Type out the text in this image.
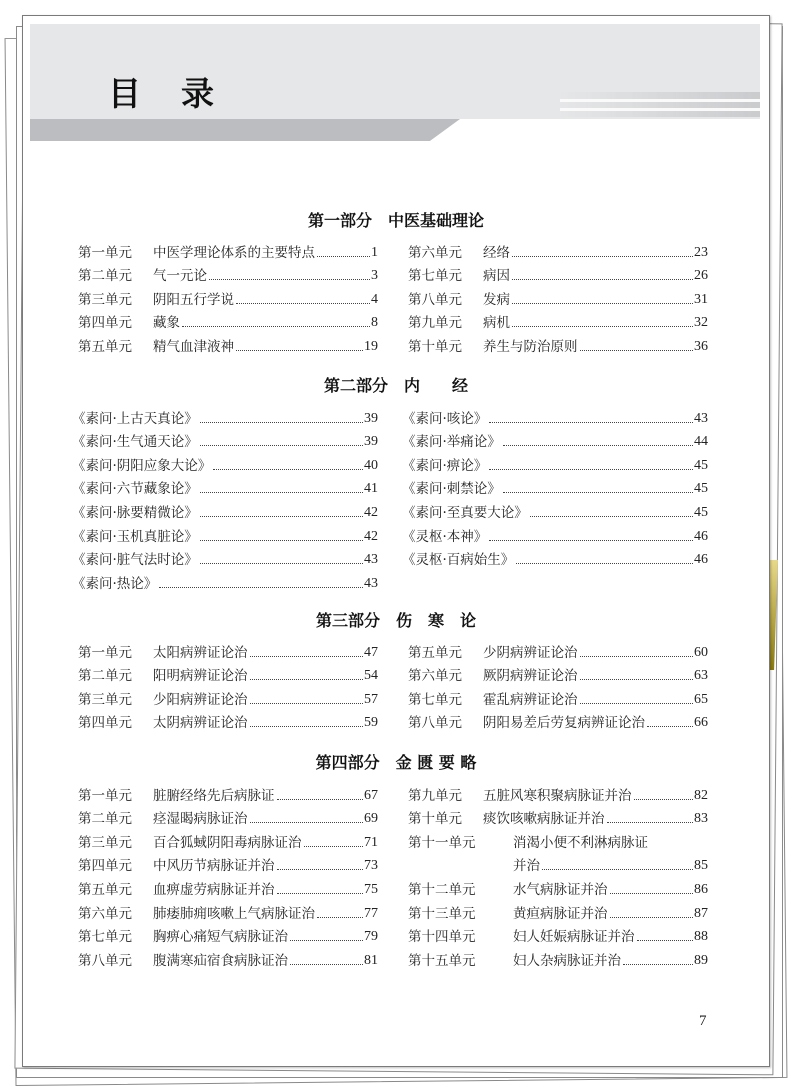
目录
第一部分　中医基础理论
第一单元	中医学理论体系的主要特点	1
第二单元	气一元论	3
第三单元	阴阳五行学说	4
第四单元	藏象	8
第五单元	精气血津液神	19
第六单元	经络	23
第七单元	病因	26
第八单元	发病	31
第九单元	病机	32
第十单元	养生与防治原则	36
第二部分　内　　经
《素问·上古天真论》	39
《素问·生气通天论》	39
《素问·阴阳应象大论》	40
《素问·六节藏象论》	41
《素问·脉要精微论》	42
《素问·玉机真脏论》	42
《素问·脏气法时论》	43
《素问·热论》	43
《素问·咳论》	43
《素问·举痛论》	44
《素问·痹论》	45
《素问·刺禁论》	45
《素问·至真要大论》	45
《灵枢·本神》	46
《灵枢·百病始生》	46
第三部分　伤　寒　论
第一单元	太阳病辨证论治	47
第二单元	阳明病辨证论治	54
第三单元	少阳病辨证论治	57
第四单元	太阴病辨证论治	59
第五单元	少阴病辨证论治	60
第六单元	厥阴病辨证论治	63
第七单元	霍乱病辨证论治	65
第八单元	阴阳易差后劳复病辨证论治	66
第四部分　金 匮 要 略
第一单元	脏腑经络先后病脉证	67
第二单元	痉湿暍病脉证治	69
第三单元	百合狐蜮阴阳毒病脉证治	71
第四单元	中风历节病脉证并治	73
第五单元	血痹虚劳病脉证并治	75
第六单元	肺痿肺痈咳嗽上气病脉证治	77
第七单元	胸痹心痛短气病脉证治	79
第八单元	腹满寒疝宿食病脉证治	81
第九单元	五脏风寒积聚病脉证并治	82
第十单元	痰饮咳嗽病脉证并治	83
第十一单元	消渴小便不利淋病脉证
并治	85
第十二单元	水气病脉证并治	86
第十三单元	黄疸病脉证并治	87
第十四单元	妇人妊娠病脉证并治	88
第十五单元	妇人杂病脉证并治	89
7
